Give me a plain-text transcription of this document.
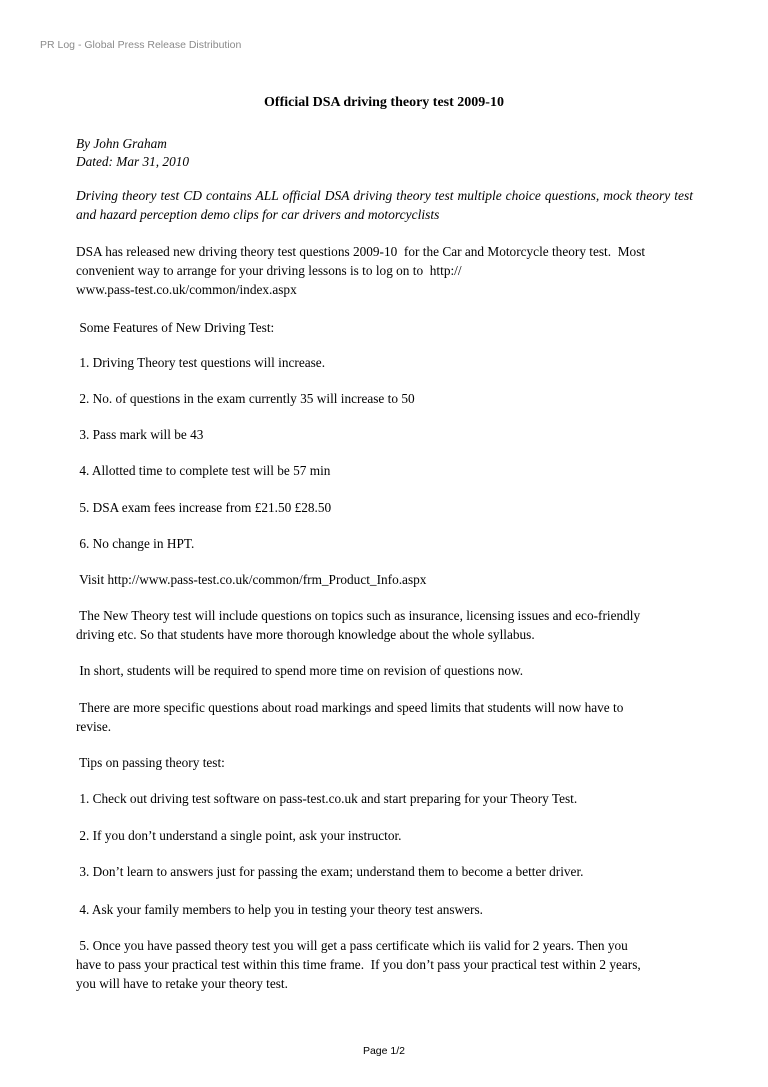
PR Log - Global Press Release Distribution
Official DSA driving theory test 2009-10
By John Graham
Dated: Mar 31, 2010
Driving theory test CD contains ALL official DSA driving theory test multiple choice questions, mock theory test and hazard perception demo clips for car drivers and motorcyclists
DSA has released new driving theory test questions 2009-10  for the Car and Motorcycle theory test.  Most
convenient way to arrange for your driving lessons is to log on to  http://
www.pass-test.co.uk/common/index.aspx
Some Features of New Driving Test:
1. Driving Theory test questions will increase.
2. No. of questions in the exam currently 35 will increase to 50
3. Pass mark will be 43
4. Allotted time to complete test will be 57 min
5. DSA exam fees increase from £21.50 £28.50
6. No change in HPT.
Visit http://www.pass-test.co.uk/common/frm_Product_Info.aspx
The New Theory test will include questions on topics such as insurance, licensing issues and eco-friendly
driving etc. So that students have more thorough knowledge about the whole syllabus.
In short, students will be required to spend more time on revision of questions now.
There are more specific questions about road markings and speed limits that students will now have to
revise.
Tips on passing theory test:
1. Check out driving test software on pass-test.co.uk and start preparing for your Theory Test.
2. If you don’t understand a single point, ask your instructor.
3. Don’t learn to answers just for passing the exam; understand them to become a better driver.
4. Ask your family members to help you in testing your theory test answers.
5. Once you have passed theory test you will get a pass certificate which iis valid for 2 years. Then you
have to pass your practical test within this time frame.  If you don’t pass your practical test within 2 years,
you will have to retake your theory test.
Page 1/2
